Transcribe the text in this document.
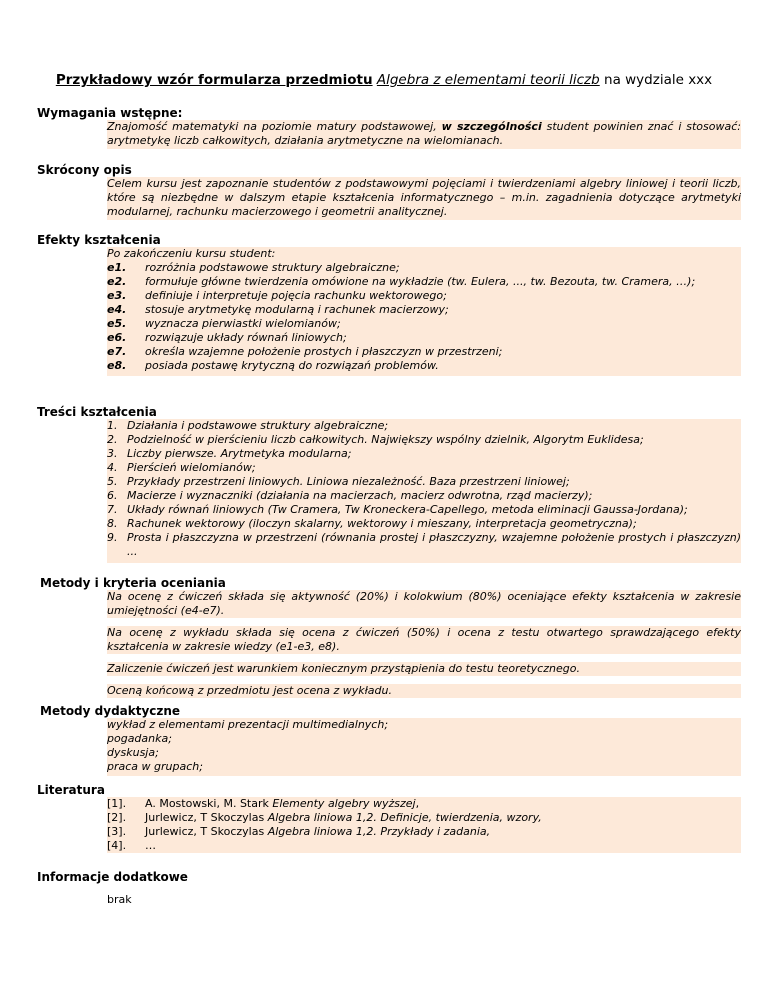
Przykładowy wzór formularza przedmiotu Algebra z elementami teorii liczb na wydziale xxx
Wymagania wstępne:
Znajomość matematyki na poziomie matury podstawowej, w szczególności student powinien znać i stosować: arytmetykę liczb całkowitych, działania arytmetyczne na wielomianach.
Skrócony opis
Celem kursu jest zapoznanie studentów z podstawowymi pojęciami i twierdzeniami algebry liniowej i teorii liczb, które są niezbędne w dalszym etapie kształcenia informatycznego – m.in. zagadnienia dotyczące arytmetyki modularnej, rachunku macierzowego i geometrii analitycznej.
Efekty kształcenia
Po zakończeniu kursu student:
e1.	rozróżnia podstawowe struktury algebraiczne;
e2.	formułuje główne twierdzenia omówione na wykładzie (tw. Eulera, ..., tw. Bezouta, tw. Cramera, …);
e3.	definiuje i interpretuje pojęcia rachunku wektorowego;
e4.	stosuje arytmetykę modularną i rachunek macierzowy;
e5.	wyznacza pierwiastki wielomianów;
e6.	rozwiązuje układy równań liniowych;
e7.	określa wzajemne położenie prostych i płaszczyzn w przestrzeni;
e8.	posiada postawę krytyczną do rozwiązań problemów.
Treści kształcenia
1. Działania i podstawowe struktury algebraiczne;
2. Podzielność w pierścieniu liczb całkowitych. Największy wspólny dzielnik, Algorytm Euklidesa;
3. Liczby pierwsze. Arytmetyka modularna;
4. Pierścień wielomianów;
5. Przykłady przestrzeni liniowych. Liniowa niezależność. Baza przestrzeni liniowej;
6. Macierze i wyznaczniki (działania na macierzach, macierz odwrotna, rząd macierzy);
7. Układy równań liniowych (Tw Cramera, Tw Kroneckera-Capellego, metoda eliminacji Gaussa-Jordana);
8. Rachunek wektorowy (iloczyn skalarny, wektorowy i mieszany, interpretacja geometryczna);
9. Prosta i płaszczyzna w przestrzeni (równania prostej i płaszczyzny, wzajemne położenie prostych i płaszczyzn) ...
Metody i kryteria oceniania
Na ocenę z ćwiczeń składa się aktywność (20%) i kolokwium (80%) oceniające efekty kształcenia w zakresie umiejętności (e4-e7).
Na ocenę z wykładu składa się ocena z ćwiczeń (50%) i ocena z testu otwartego sprawdzającego efekty kształcenia w zakresie wiedzy (e1-e3, e8).
Zaliczenie ćwiczeń jest warunkiem koniecznym przystąpienia do testu teoretycznego.
Oceną końcową z przedmiotu jest ocena z wykładu.
Metody dydaktyczne
wykład z elementami prezentacji multimedialnych;
pogadanka;
dyskusja;
praca w grupach;
Literatura
[1].	A. Mostowski, M. Stark
Elementy algebry wyższej ,
[2].	Jurlewicz, T Skoczylas
Algebra liniowa 1,2. Definicje, twierdzenia, wzory,
[3].	Jurlewicz, T Skoczylas
Algebra liniowa 1,2. Przykłady i zadania,
[4].	…
Informacje dodatkowe
brak
